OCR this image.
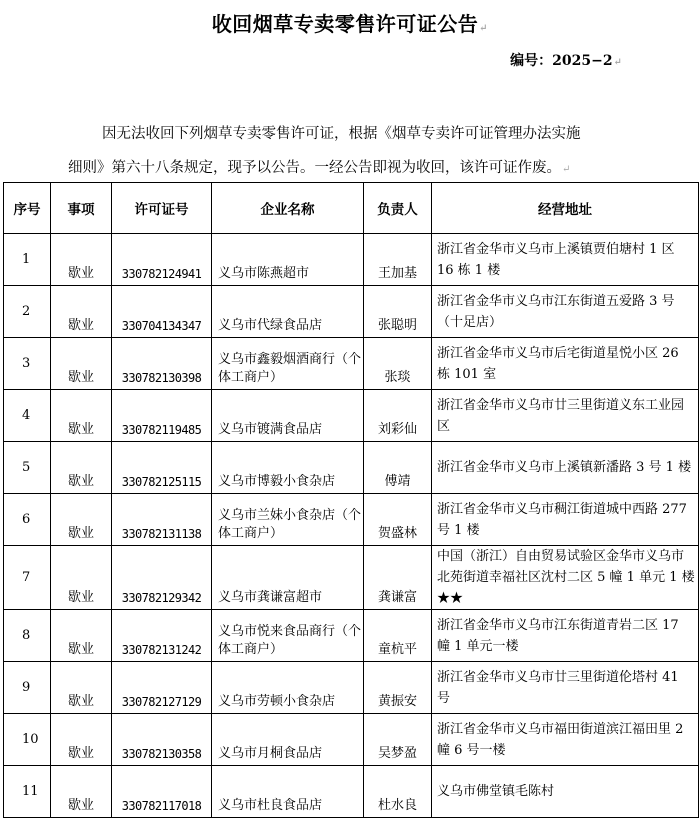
收回烟草专卖零售许可证公告↵
编号：2025−2↵
因无法收回下列烟草专卖零售许可证，根据《烟草专卖许可证管理办法实施
细则》第六十八条规定，现予以公告。一经公告即视为收回，该许可证作废。↵
序号	事项	许可证号	企业名称	负责人	经营地址
1	歇业	330782124941	义乌市陈燕超市	王加基	浙江省金华市义乌市上溪镇贾伯塘村 1 区 16 栋 1 楼
2	歇业	330704134347	义乌市代绿食品店	张聪明	浙江省金华市义乌市江东街道五爱路 3 号（十足店）
3	歇业	330782130398	义乌市鑫毅烟酒商行（个体工商户）	张琰	浙江省金华市义乌市后宅街道星悦小区 26 栋 101 室
4	歇业	330782119485	义乌市镀满食品店	刘彩仙	浙江省金华市义乌市廿三里街道义东工业园区
5	歇业	330782125115	义乌市博毅小食杂店	傅靖	浙江省金华市义乌市上溪镇新潘路 3 号 1 楼
6	歇业	330782131138	义乌市兰妹小食杂店（个体工商户）	贺盛林	浙江省金华市义乌市稠江街道城中西路 277 号 1 楼
7	歇业	330782129342	义乌市龚谦富超市	龚谦富	中国（浙江）自由贸易试验区金华市义乌市北苑街道幸福社区沈村二区 5 幢 1 单元 1 楼★★
8	歇业	330782131242	义乌市悦来食品商行（个体工商户）	童杭平	浙江省金华市义乌市江东街道青岩二区 17 幢 1 单元一楼
9	歇业	330782127129	义乌市劳顿小食杂店	黄振安	浙江省金华市义乌市廿三里街道伦塔村 41 号
10	歇业	330782130358	义乌市月桐食品店	吴梦盈	浙江省金华市义乌市福田街道滨江福田里 2 幢 6 号一楼
11	歇业	330782117018	义乌市杜良食品店	杜水良	义乌市佛堂镇毛陈村
